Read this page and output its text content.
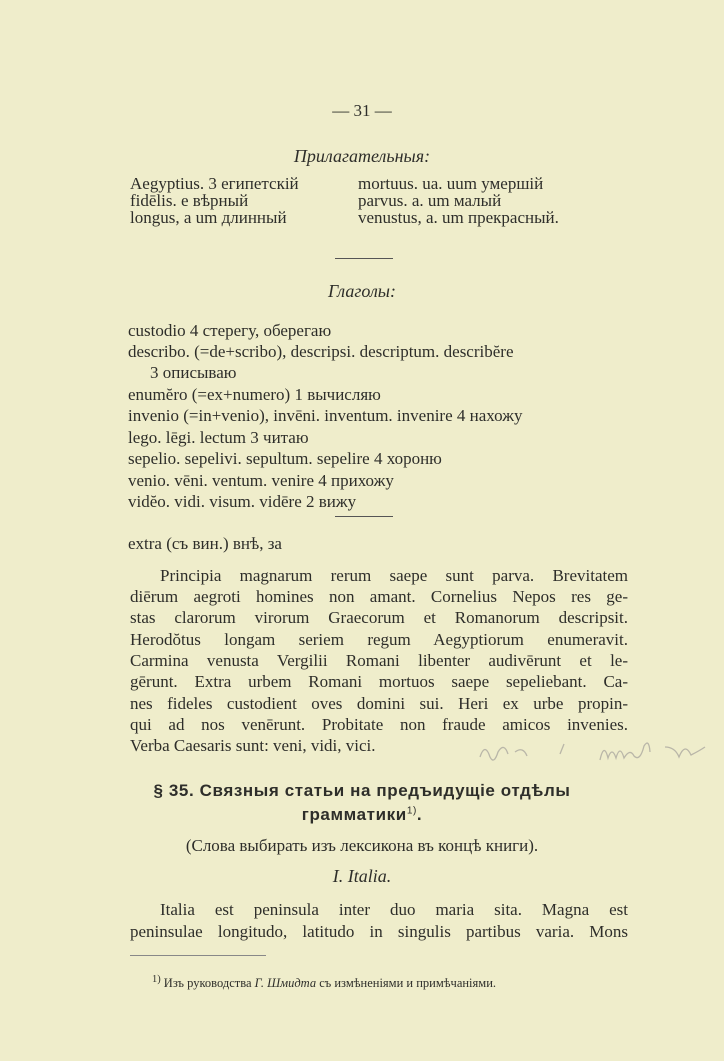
— 31 —
Прилагательныя:
Aegyptius. 3 египетскій
fidēlis. e вѣрный
longus, a um длинный
mortuus. ua. uum умершій
parvus. a. um малый
venustus, a. um прекрасный.
Глаголы:
custodio 4 стерегу, оберегаю
describo. (=de+scribo), descripsi. descriptum. describĕre
3 описываю
enumĕro (=ex+numero) 1 вычисляю
invenio (=in+venio), invēni. inventum. invenire 4 нахожу
lego. lēgi. lectum 3 читаю
sepelio. sepelivi. sepultum. sepelire 4 хороню
venio. vēni. ventum. venire 4 прихожу
vidĕo. vidi. visum. vidēre 2 вижу
extra (съ вин.) внѣ, за
Principia magnarum rerum saepe sunt parva. Brevitatem
diērum aegroti homines non amant. Cornelius Nepos res ge-
stas clarorum virorum Graecorum et Romanorum descripsit.
Herodŏtus longam seriem regum Aegyptiorum enumeravit.
Carmina venusta Vergilii Romani libenter audivērunt et le-
gērunt. Extra urbem Romani mortuos saepe sepeliebant. Ca-
nes fideles custodient oves domini sui. Heri ex urbe propin-
qui ad nos venērunt. Probitate non fraude amicos invenies.
Verba Caesaris sunt: veni, vidi, vici.
§ 35. Связныя статьи на предъидущіе отдѣлы
грамматики$^{1)}$.
(Слова выбирать изъ лексикона въ концѣ книги).
I. Italia.
Italia est peninsula inter duo maria sita. Magna est
peninsulae longitudo, latitudo in singulis partibus varia. Mons
$^{1)}$ Изъ руководства Г. Шмидта съ измѣненіями и примѣчаніями.
